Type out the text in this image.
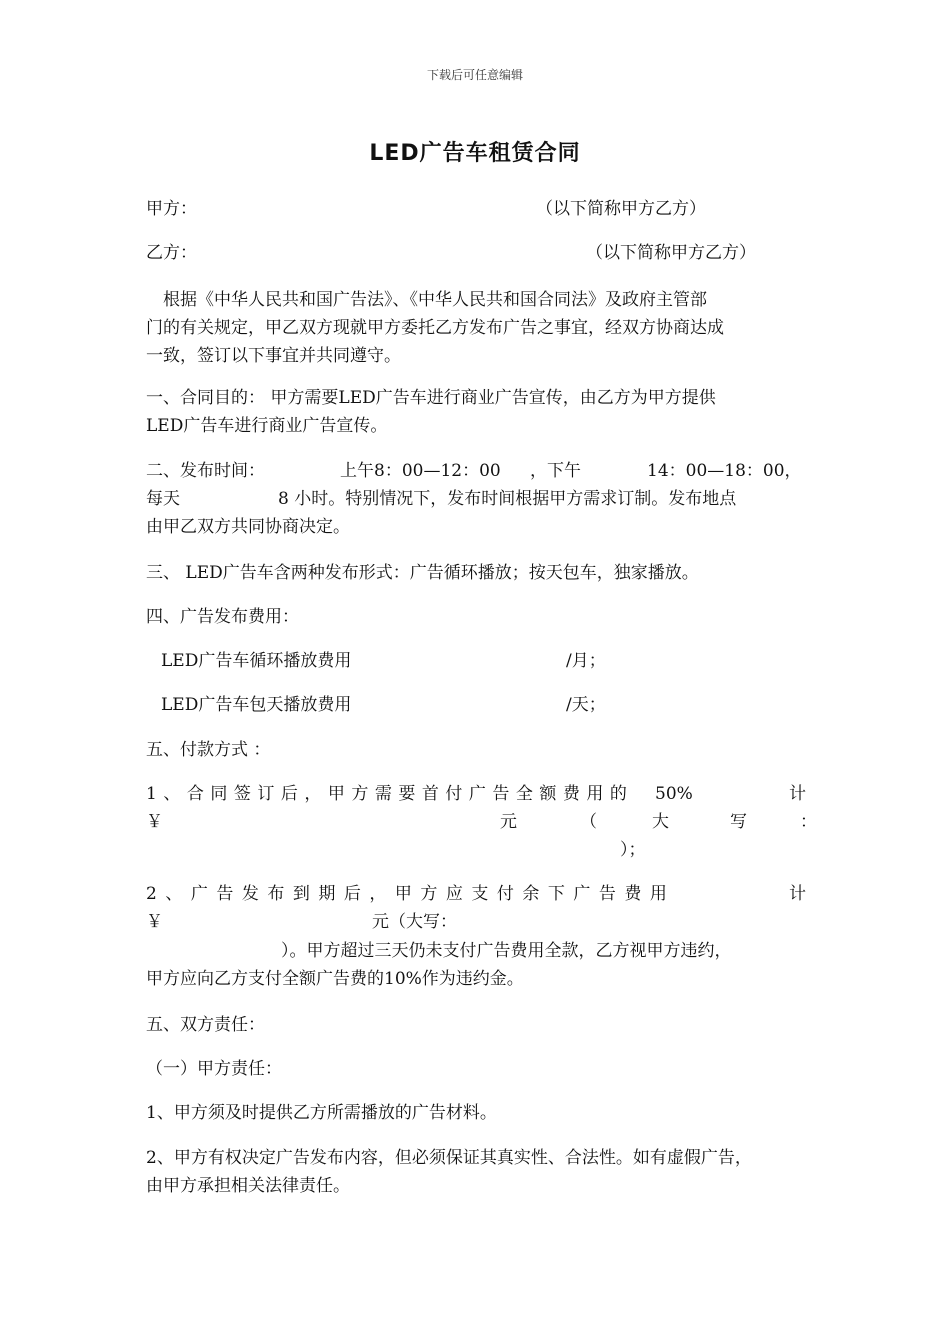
下载后可任意编辑
LED广告车租赁合同
甲方：	（以下简称甲方乙方）
乙方：	（以下简称甲方乙方）
根据《中华人民共和国广告法》、《中华人民共和国合同法》及政府主管部
门的有关规定，甲乙双方现就甲方委托乙方发布广告之事宜，经双方协商达成
一致，签订以下事宜并共同遵守。
一、合同目的： 甲方需要LED广告车进行商业广告宣传，由乙方为甲方提供
LED广告车进行商业广告宣传。
二、发布时间：	上午8：00—12：00 ，下午	14：00—18：00，
每天	8 小时。特别情况下，发布时间根据甲方需求订制。发布地点
由甲乙双方共同协商决定。
三、 LED广告车含两种发布形式：广告循环播放；按天包车，独家播放。
四、广告发布费用：
LED广告车循环播放费用	/月；
LED广告车包天播放费用	/天；
五、付款方式 ：
1、合同签订后，甲方需要首付广告全额费用的 50%	计
￥	元	（	大	写	：
）；
2、广告发布到期后，甲方应支付余下广告费用	计
￥	元（大写：
）。甲方超过三天仍未支付广告费用全款，乙方视甲方违约，
甲方应向乙方支付全额广告费的10%作为违约金。
五、双方责任：
（一）甲方责任：
1、甲方须及时提供乙方所需播放的广告材料。
2、甲方有权决定广告发布内容，但必须保证其真实性、合法性。如有虚假广告，
由甲方承担相关法律责任。
